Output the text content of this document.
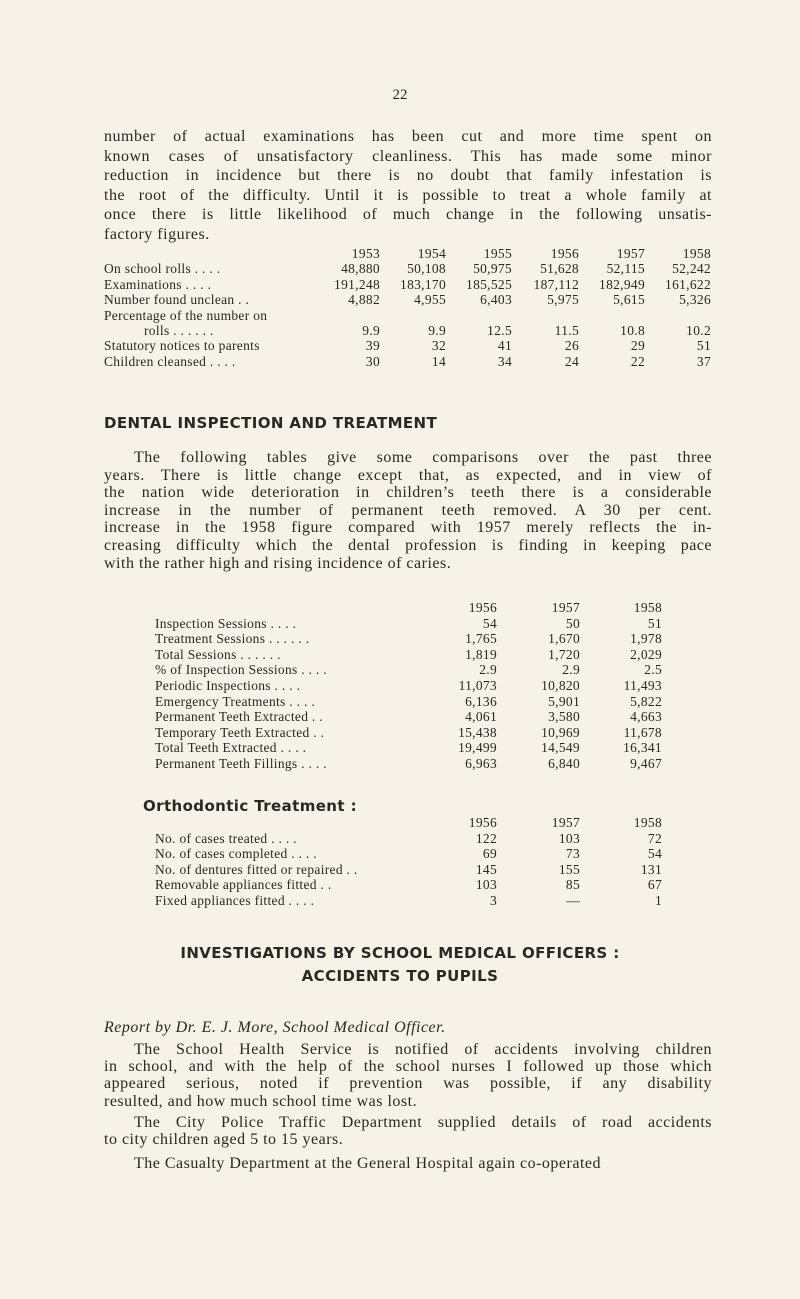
22
number of actual examinations has been cut and more time spent on
known cases of unsatisfactory cleanliness. This has made some minor
reduction in incidence but there is no doubt that family infestation is
the root of the difficulty. Until it is possible to treat a whole family at
once there is little likelihood of much change in the following unsatis-
factory figures.
1953	1954	1955	1956	1957	1958
On school rolls . . . .	48,880 50,108 50,975 51,628 52,115 52,242
Examinations . . . .	191,248 183,170 185,525 187,112 182,949 161,622
Number found unclean . .	4,882	4,955	6,403	5,975	5,615	5,326
Percentage of the number on
rolls . . . . . .	9.9	9.9	12.5	11.5	10.8	10.2
Statutory notices to parents	39	32	41	26	29	51
Children cleansed . . . .	30	14	34	24	22	37
DENTAL INSPECTION AND TREATMENT
The following tables give some comparisons over the past three
years. There is little change except that, as expected, and in view of
the nation wide deterioration in children’s teeth there is a considerable
increase in the number of permanent teeth removed. A 30 per cent.
increase in the 1958 figure compared with 1957 merely reflects the in-
creasing difficulty which the dental profession is finding in keeping pace
with the rather high and rising incidence of caries.
1956	1957	1958
Inspection Sessions . . . .	54	50	51
Treatment Sessions . . . . . .	1,765	1,670	1,978
Total Sessions . . . . . .	1,819	1,720	2,029
% of Inspection Sessions . . . .	2.9	2.9	2.5
Periodic Inspections . . . .	11,073	10,820	11,493
Emergency Treatments . . . .	6,136	5,901	5,822
Permanent Teeth Extracted . .	4,061	3,580	4,663
Temporary Teeth Extracted . .	15,438	10,969	11,678
Total Teeth Extracted . . . .	19,499	14,549	16,341
Permanent Teeth Fillings . . . .	6,963	6,840	9,467
Orthodontic Treatment :
1956	1957	1958
No. of cases treated . . . .	122	103	72
No. of cases completed . . . .	69	73	54
No. of dentures fitted or repaired . .	145	155	131
Removable appliances fitted . .	103	85	67
Fixed appliances fitted . . . .	3	—	1
INVESTIGATIONS BY SCHOOL MEDICAL OFFICERS :
ACCIDENTS TO PUPILS
Report by Dr. E. J. More, School Medical Officer.
The School Health Service is notified of accidents involving children
in school, and with the help of the school nurses I followed up those which
appeared serious, noted if prevention was possible, if any disability
resulted, and how much school time was lost.
The City Police Traffic Department supplied details of road accidents
to city children aged 5 to 15 years.
The Casualty Department at the General Hospital again co-operated
